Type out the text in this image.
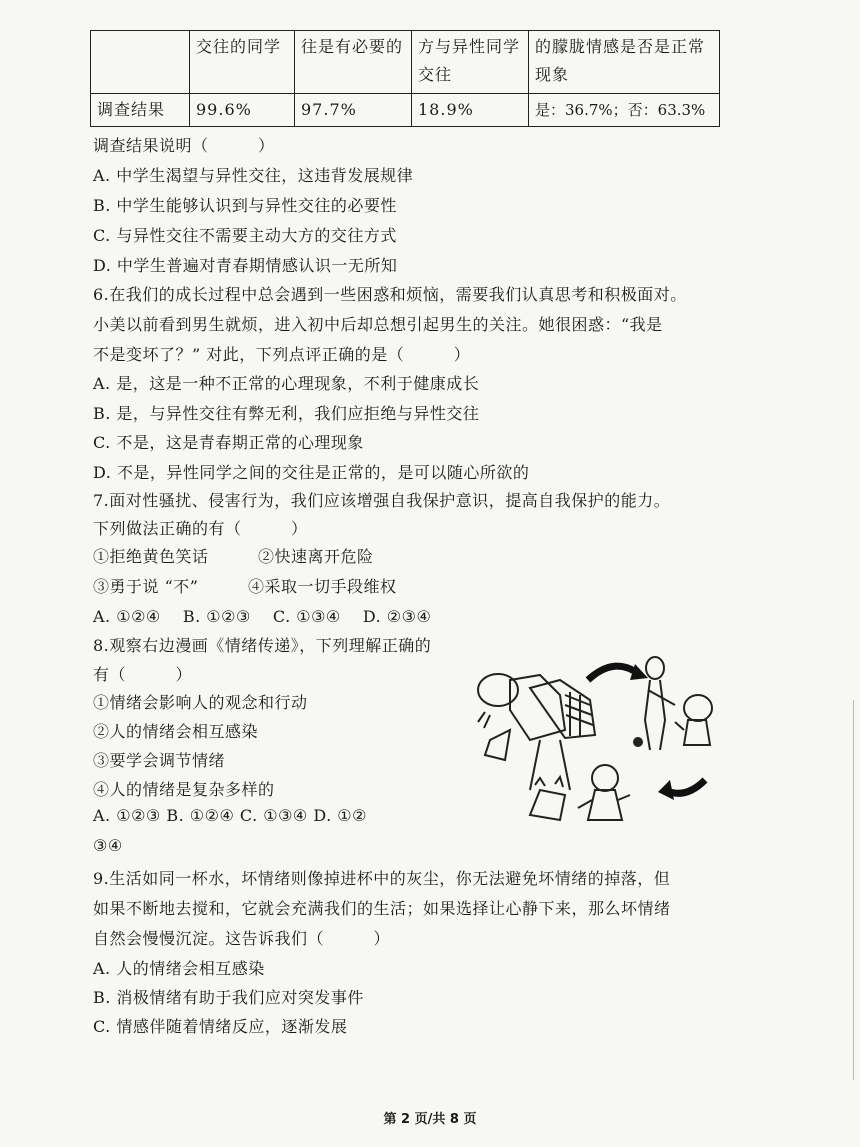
	交往的同学	往是有必要的	方与异性同学交往	的朦胧情感是否是正常现象
调查结果	99.6%	97.7%	18.9%	是：36.7%；否：63.3%
调查结果说明（　　　）
A. 中学生渴望与异性交往，这违背发展规律
B. 中学生能够认识到与异性交往的必要性
C. 与异性交往不需要主动大方的交往方式
D. 中学生普遍对青春期情感认识一无所知
6.在我们的成长过程中总会遇到一些困惑和烦恼，需要我们认真思考和积极面对。
小美以前看到男生就烦，进入初中后却总想引起男生的关注。她很困惑：“我是
不是变坏了？” 对此，下列点评正确的是（　　　）
A. 是，这是一种不正常的心理现象，不利于健康成长
B. 是，与异性交往有弊无利，我们应拒绝与异性交往
C. 不是，这是青春期正常的心理现象
D. 不是，异性同学之间的交往是正常的，是可以随心所欲的
7.面对性骚扰、侵害行为，我们应该增强自我保护意识，提高自我保护的能力。
下列做法正确的有（　　　）
①拒绝黄色笑话　　　②快速离开危险
③勇于说 “不”　　　④采取一切手段维权
A. ①②④　 B. ①②③　 C. ①③④　 D. ②③④
8.观察右边漫画《情绪传递》，下列理解正确的
有（　　　）
①情绪会影响人的观念和行动
②人的情绪会相互感染
③要学会调节情绪
④人的情绪是复杂多样的
A. ①②③ B. ①②④ C. ①③④ D. ①②
③④
9.生活如同一杯水，坏情绪则像掉进杯中的灰尘，你无法避免坏情绪的掉落，但
如果不断地去搅和，它就会充满我们的生活；如果选择让心静下来，那么坏情绪
自然会慢慢沉淀。这告诉我们（　　　）
A. 人的情绪会相互感染
B. 消极情绪有助于我们应对突发事件
C. 情感伴随着情绪反应，逐渐发展
第 2 页/共 8 页
